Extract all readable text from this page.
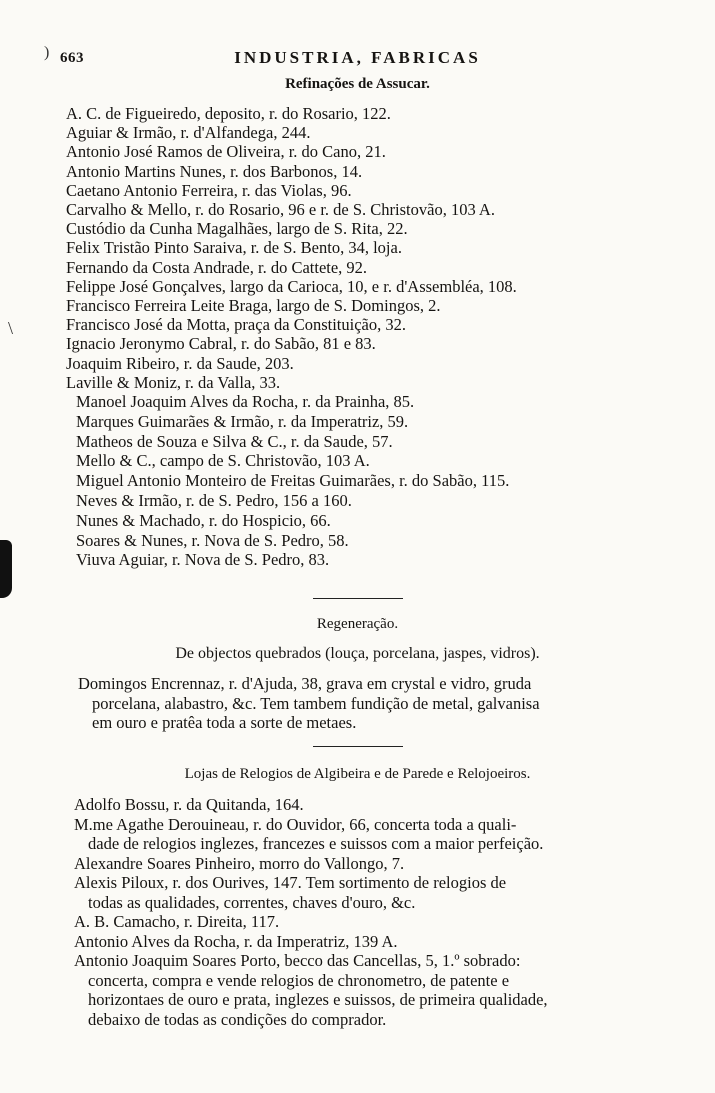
\
) 663	INDUSTRIA, FABRICAS
Refinações de Assucar.
A. C. de Figueiredo, deposito, r. do Rosario, 122.
Aguiar & Irmão, r. d'Alfandega, 244.
Antonio José Ramos de Oliveira, r. do Cano, 21.
Antonio Martins Nunes, r. dos Barbonos, 14.
Caetano Antonio Ferreira, r. das Violas, 96.
Carvalho & Mello, r. do Rosario, 96 e r. de S. Christovão, 103 A.
Custódio da Cunha Magalhães, largo de S. Rita, 22.
Felix Tristão Pinto Saraiva, r. de S. Bento, 34, loja.
Fernando da Costa Andrade, r. do Cattete, 92.
Felippe José Gonçalves, largo da Carioca, 10, e r. d'Assembléa, 108.
Francisco Ferreira Leite Braga, largo de S. Domingos, 2.
Francisco José da Motta, praça da Constituição, 32.
Ignacio Jeronymo Cabral, r. do Sabão, 81 e 83.
Joaquim Ribeiro, r. da Saude, 203.
Laville & Moniz, r. da Valla, 33.
Manoel Joaquim Alves da Rocha, r. da Prainha, 85.
Marques Guimarães & Irmão, r. da Imperatriz, 59.
Matheos de Souza e Silva & C., r. da Saude, 57.
Mello & C., campo de S. Christovão, 103 A.
Miguel Antonio Monteiro de Freitas Guimarães, r. do Sabão, 115.
Neves & Irmão, r. de S. Pedro, 156 a 160.
Nunes & Machado, r. do Hospicio, 66.
Soares & Nunes, r. Nova de S. Pedro, 58.
Viuva Aguiar, r. Nova de S. Pedro, 83.
Regeneração.
De objectos quebrados (louça, porcelana, jaspes, vidros).
Domingos Encrennaz, r. d'Ajuda, 38, grava em crystal e vidro, gruda
porcelana, alabastro, &c. Tem tambem fundição de metal, galvanisa
em ouro e pratêa toda a sorte de metaes.
Lojas de Relogios de Algibeira e de Parede e Relojoeiros.
Adolfo Bossu, r. da Quitanda, 164.
M.me Agathe Derouineau, r. do Ouvidor, 66, concerta toda a quali-
dade de relogios inglezes, francezes e suissos com a maior perfeição.
Alexandre Soares Pinheiro, morro do Vallongo, 7.
Alexis Piloux, r. dos Ourives, 147. Tem sortimento de relogios de
todas as qualidades, correntes, chaves d'ouro, &c.
A. B. Camacho, r. Direita, 117.
Antonio Alves da Rocha, r. da Imperatriz, 139 A.
Antonio Joaquim Soares Porto, becco das Cancellas, 5, 1.º sobrado:
concerta, compra e vende relogios de chronometro, de patente e
horizontaes de ouro e prata, inglezes e suissos, de primeira qualidade,
debaixo de todas as condições do comprador.
